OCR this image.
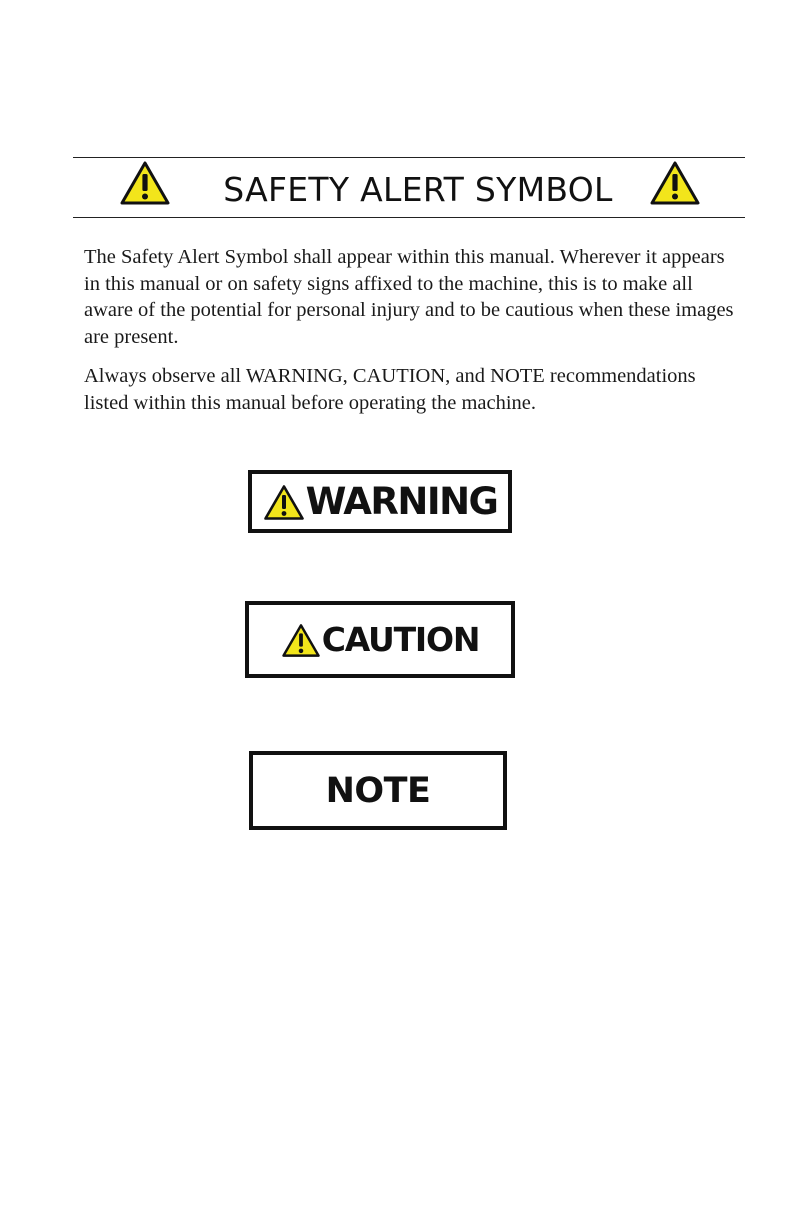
SAFETY ALERT SYMBOL

The Safety Alert Symbol shall appear within this manual. Wherever it appears in this manual or on safety signs affixed to the machine, this is to make all aware of the potential for personal injury and to be cautious when these images are present.

Always observe all WARNING, CAUTION, and NOTE recommendations listed within this manual before operating the machine.

WARNING
CAUTION
NOTE
